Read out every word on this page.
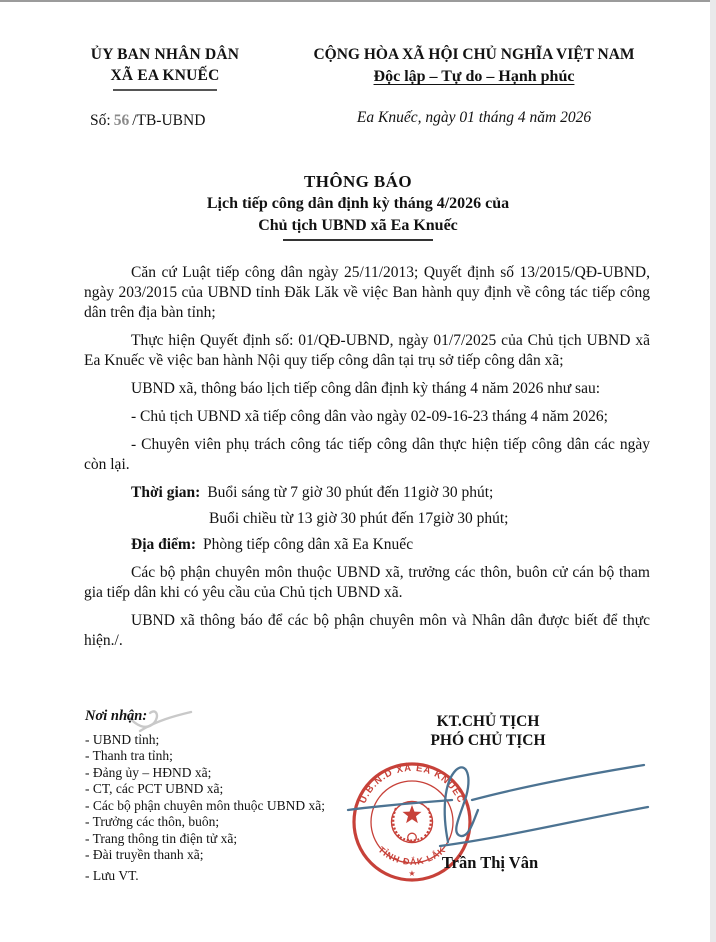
ỦY BAN NHÂN DÂN
XÃ EA KNUẾC
Số: 56 /TB-UBND
CỘNG HÒA XÃ HỘI CHỦ NGHĨA VIỆT NAM
Độc lập – Tự do – Hạnh phúc
Ea Knuếc, ngày 01 tháng 4 năm 2026
THÔNG BÁO
Lịch tiếp công dân định kỳ tháng 4/2026 của
Chủ tịch UBND xã Ea Knuếc

Căn cứ Luật tiếp công dân ngày 25/11/2013; Quyết định số 13/2015/QĐ-UBND, ngày 203/2015 của UBND tỉnh Đăk Lăk về việc Ban hành quy định về công tác tiếp công dân trên địa bàn tỉnh;

Thực hiện Quyết định số: 01/QĐ-UBND, ngày 01/7/2025 của Chủ tịch UBND xã Ea Knuếc về việc ban hành Nội quy tiếp công dân tại trụ sở tiếp công dân xã;

UBND xã, thông báo lịch tiếp công dân định kỳ tháng 4 năm 2026 như sau:

- Chủ tịch UBND xã tiếp công dân vào ngày 02-09-16-23 tháng 4 năm 2026;

- Chuyên viên phụ trách công tác tiếp công dân thực hiện tiếp công dân các ngày còn lại.

Thời gian: Buổi sáng từ 7 giờ 30 phút đến 11giờ 30 phút;

Buổi chiều từ 13 giờ 30 phút đến 17giờ 30 phút;

Địa điểm: Phòng tiếp công dân xã Ea Knuếc

Các bộ phận chuyên môn thuộc UBND xã, trưởng các thôn, buôn cử cán bộ tham gia tiếp dân khi có yêu cầu của Chủ tịch UBND xã.

UBND xã thông báo để các bộ phận chuyên môn và Nhân dân được biết để thực hiện./.

Nơi nhận:
- UBND tỉnh;
- Thanh tra tỉnh;
- Đảng ủy – HĐND xã;
- CT, các PCT UBND xã;
- Các bộ phận chuyên môn thuộc UBND xã;
- Trưởng các thôn, buôn;
- Trang thông tin điện tử xã;
- Đài truyền thanh xã;
- Lưu VT.
KT.CHỦ TỊCH
PHÓ CHỦ TỊCH
U.B.N.D XÃ EA KNUẾC
TỈNH ĐẮK LẮK
★
Trần Thị Vân
